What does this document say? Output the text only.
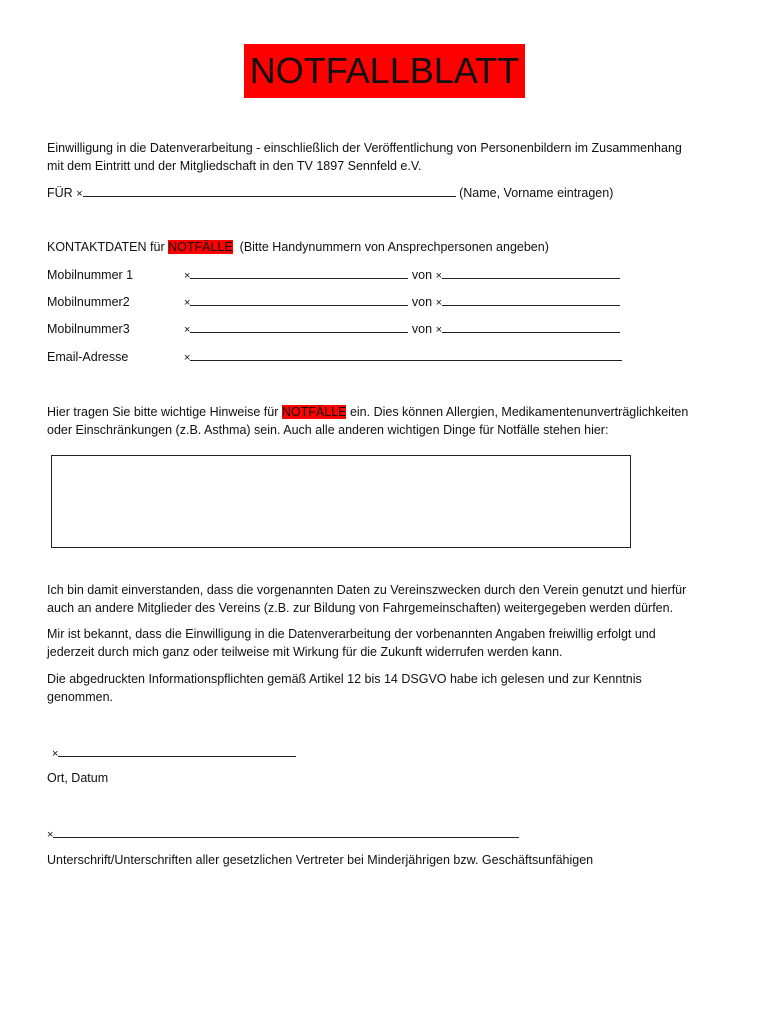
NOTFALLBLATT
Einwilligung in die Datenverarbeitung - einschließlich der Veröffentlichung von Personenbildern im Zusammenhang
mit dem Eintritt und der Mitgliedschaft in den TV 1897 Sennfeld e.V.
FÜR ×	(Name, Vorname eintragen)
KONTAKTDATEN für NOTFÄLLE (Bitte Handynummern von Ansprechpersonen angeben)
Mobilnummer 1	×	von ×
Mobilnummer2	×	von ×
Mobilnummer3	×	von ×
Email-Adresse	×
Hier tragen Sie bitte wichtige Hinweise für NOTFÄLLE ein. Dies können Allergien, Medikamentenunverträglichkeiten
oder Einschränkungen (z.B. Asthma) sein. Auch alle anderen wichtigen Dinge für Notfälle stehen hier:
Ich bin damit einverstanden, dass die vorgenannten Daten zu Vereinszwecken durch den Verein genutzt und hierfür
auch an andere Mitglieder des Vereins (z.B. zur Bildung von Fahrgemeinschaften) weitergegeben werden dürfen.
Mir ist bekannt, dass die Einwilligung in die Datenverarbeitung der vorbenannten Angaben freiwillig erfolgt und
jederzeit durch mich ganz oder teilweise mit Wirkung für die Zukunft widerrufen werden kann.
Die abgedruckten Informationspflichten gemäß Artikel 12 bis 14 DSGVO habe ich gelesen und zur Kenntnis
genommen.
×
Ort, Datum
×
Unterschrift/Unterschriften aller gesetzlichen Vertreter bei Minderjährigen bzw. Geschäftsunfähigen
